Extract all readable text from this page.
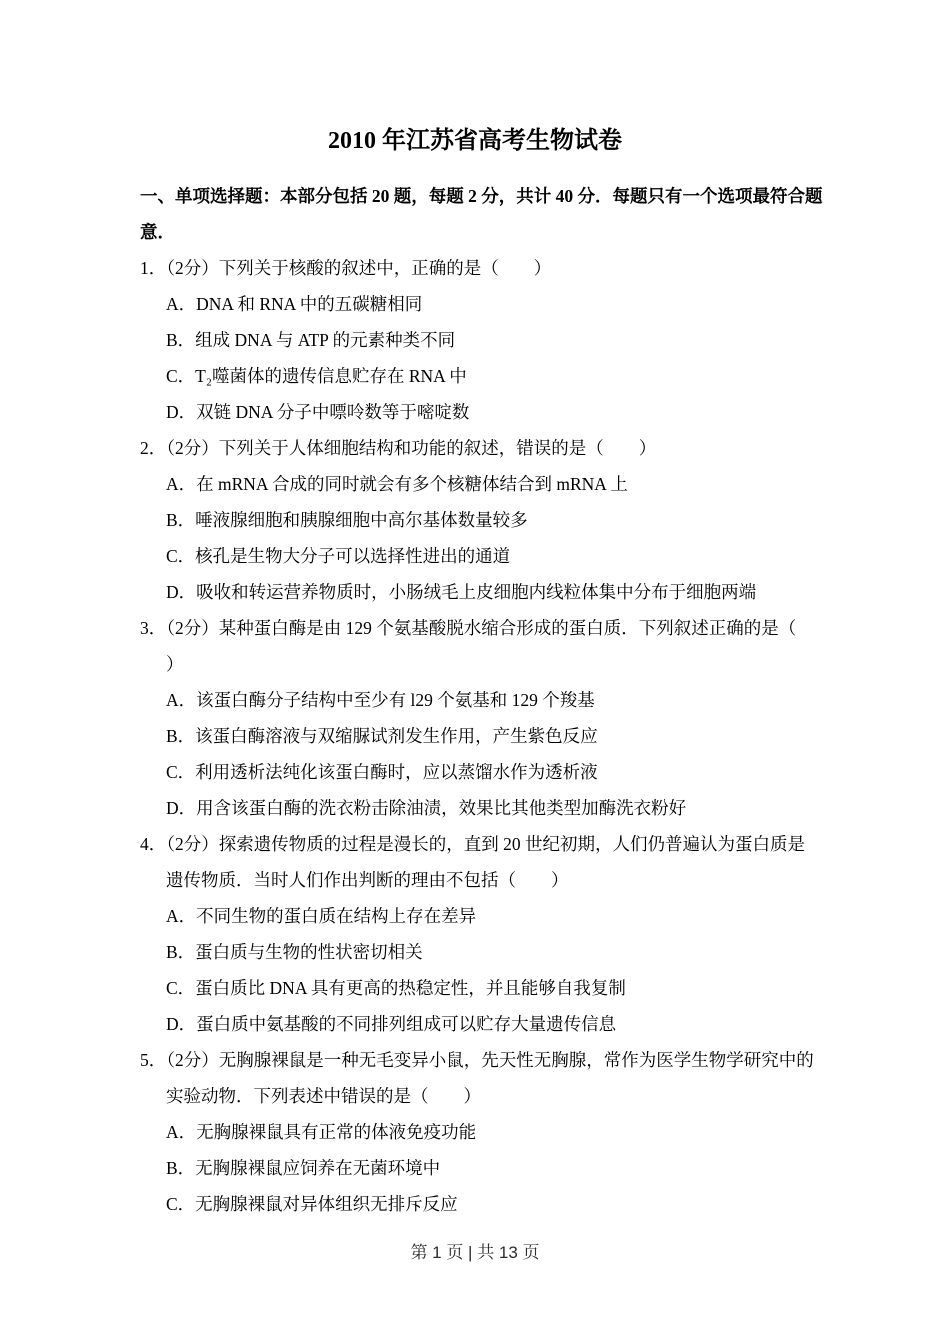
2010 年江苏省高考生物试卷
一、单项选择题：本部分包括 20 题，每题 2 分，共计 40 分．每题只有一个选项最符合题
意．
1．（2分）下列关于核酸的叙述中，正确的是（　　）
A．DNA 和 RNA 中的五碳糖相同
B．组成 DNA 与 ATP 的元素种类不同
C．T₂噬菌体的遗传信息贮存在 RNA 中
D．双链 DNA 分子中嘌呤数等于嘧啶数
2．（2分）下列关于人体细胞结构和功能的叙述，错误的是（　　）
A．在 mRNA 合成的同时就会有多个核糖体结合到 mRNA 上
B．唾液腺细胞和胰腺细胞中高尔基体数量较多
C．核孔是生物大分子可以选择性进出的通道
D．吸收和转运营养物质时，小肠绒毛上皮细胞内线粒体集中分布于细胞两端
3．（2分）某种蛋白酶是由 129 个氨基酸脱水缩合形成的蛋白质．下列叙述正确的是（
）
A．该蛋白酶分子结构中至少有 l29 个氨基和 129 个羧基
B．该蛋白酶溶液与双缩脲试剂发生作用，产生紫色反应
C．利用透析法纯化该蛋白酶时，应以蒸馏水作为透析液
D．用含该蛋白酶的洗衣粉击除油渍，效果比其他类型加酶洗衣粉好
4．（2分）探索遗传物质的过程是漫长的，直到 20 世纪初期，人们仍普遍认为蛋白质是
遗传物质．当时人们作出判断的理由不包括（　　）
A．不同生物的蛋白质在结构上存在差异
B．蛋白质与生物的性状密切相关
C．蛋白质比 DNA 具有更高的热稳定性，并且能够自我复制
D．蛋白质中氨基酸的不同排列组成可以贮存大量遗传信息
5．（2分）无胸腺裸鼠是一种无毛变异小鼠，先天性无胸腺，常作为医学生物学研究中的
实验动物．下列表述中错误的是（　　）
A．无胸腺裸鼠具有正常的体液免疫功能
B．无胸腺裸鼠应饲养在无菌环境中
C．无胸腺裸鼠对异体组织无排斥反应
第 1 页 | 共 13 页
